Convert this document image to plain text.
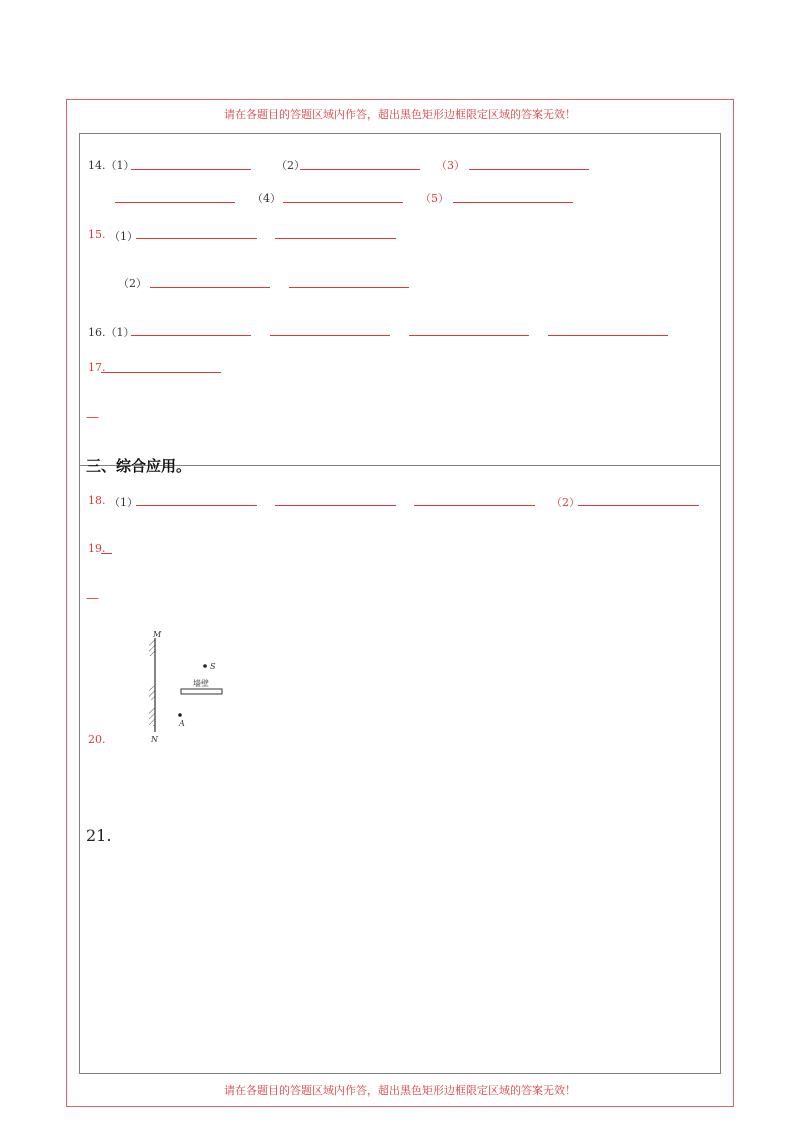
请在各题目的答题区域内作答，超出黑色矩形边框限定区域的答案无效！
14.（1）	（2）	（3）
（4）	（5）
15. （1）
（2）
16.（1）
17.
—
三、综合应用。
18. （1）	（2）
19.
—
M
N
S
墙壁
A
20.
21.
请在各题目的答题区域内作答，超出黑色矩形边框限定区域的答案无效！
